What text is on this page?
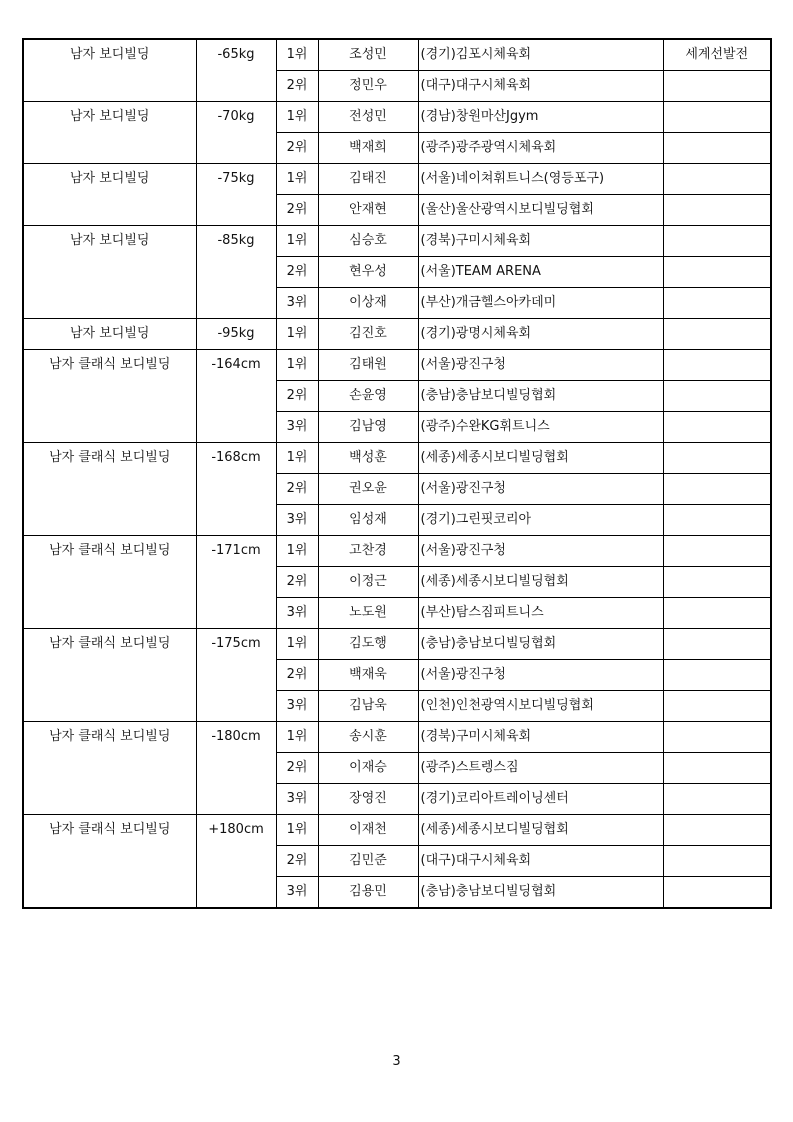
남자 보디빌딩	-65kg	1위	조성민	(경기)김포시체육회	세계선발전
		2위	정민우	(대구)대구시체육회	
남자 보디빌딩	-70kg	1위	전성민	(경남)창원마산Jgym	
		2위	백재희	(광주)광주광역시체육회	
남자 보디빌딩	-75kg	1위	김태진	(서울)네이쳐휘트니스(영등포구)	
		2위	안재현	(울산)울산광역시보디빌딩협회	
남자 보디빌딩	-85kg	1위	심승호	(경북)구미시체육회	
		2위	현우성	(서울)TEAM ARENA	
		3위	이상재	(부산)개금헬스아카데미	
남자 보디빌딩	-95kg	1위	김진호	(경기)광명시체육회	
남자 클래식 보디빌딩	-164cm	1위	김태원	(서울)광진구청	
		2위	손윤영	(충남)충남보디빌딩협회	
		3위	김남영	(광주)수완KG휘트니스	
남자 클래식 보디빌딩	-168cm	1위	백성훈	(세종)세종시보디빌딩협회	
		2위	권오윤	(서울)광진구청	
		3위	임성재	(경기)그린핏코리아	
남자 클래식 보디빌딩	-171cm	1위	고찬경	(서울)광진구청	
		2위	이정근	(세종)세종시보디빌딩협회	
		3위	노도원	(부산)탐스짐피트니스	
남자 클래식 보디빌딩	-175cm	1위	김도행	(충남)충남보디빌딩협회	
		2위	백재욱	(서울)광진구청	
		3위	김남욱	(인천)인천광역시보디빌딩협회	
남자 클래식 보디빌딩	-180cm	1위	송시훈	(경북)구미시체육회	
		2위	이재승	(광주)스트렝스짐	
		3위	장영진	(경기)코리아트레이닝센터	
남자 클래식 보디빌딩	+180cm	1위	이재천	(세종)세종시보디빌딩협회	
		2위	김민준	(대구)대구시체육회	
		3위	김용민	(충남)충남보디빌딩협회	
3
